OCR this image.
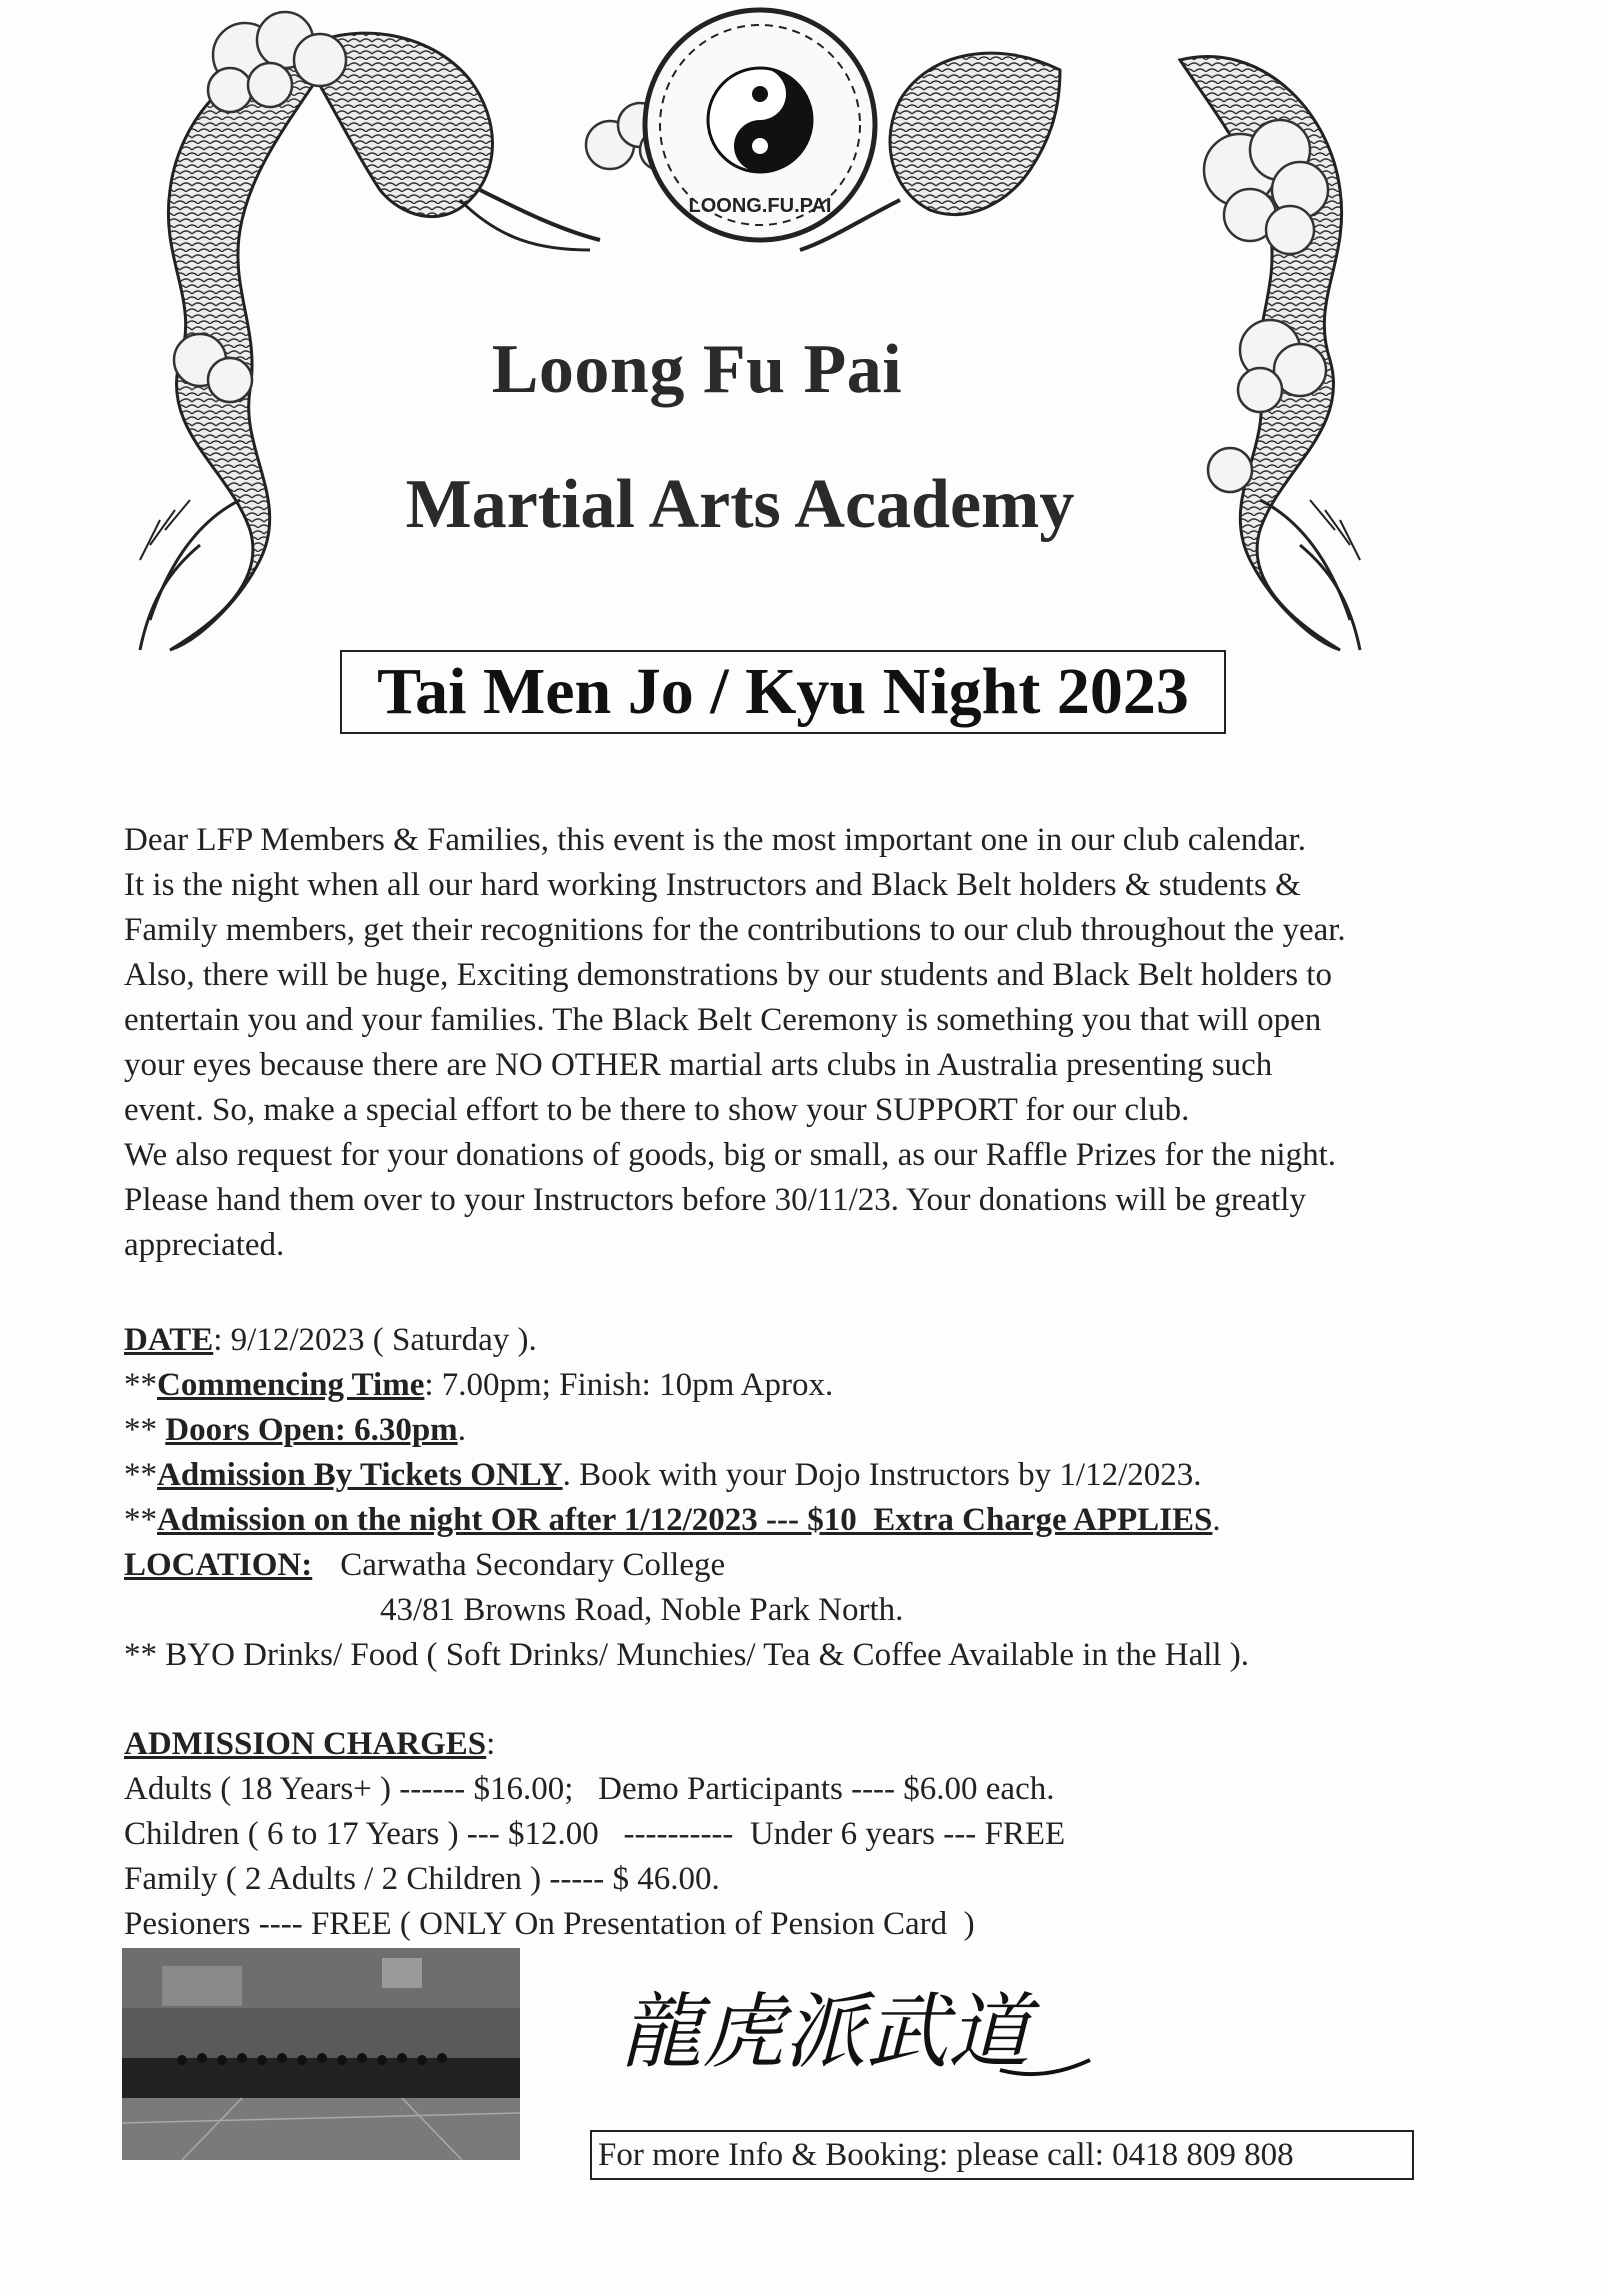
LOONG.FU.PAI
Loong Fu Pai
Martial Arts Academy
Tai Men Jo / Kyu Night 2023

Dear LFP Members & Families, this event is the most important one in our club calendar.

It is the night when all our hard working Instructors and Black Belt holders & students &

Family members, get their recognitions for the contributions to our club throughout the year.

Also, there will be huge, Exciting demonstrations by our students and Black Belt holders to

entertain you and your families. The Black Belt Ceremony is something you that will open

your eyes because there are NO OTHER martial arts clubs in Australia presenting such

event. So, make a special effort to be there to show your SUPPORT for our club.

We also request for your donations of goods, big or small, as our Raffle Prizes for the night.

Please hand them over to your Instructors before 30/11/23. Your donations will be greatly

appreciated.

DATE: 9/12/2023 ( Saturday ).

**Commencing Time: 7.00pm; Finish: 10pm Aprox.

** Doors Open: 6.30pm.

**Admission By Tickets ONLY. Book with your Dojo Instructors by 1/12/2023.

**Admission on the night OR after 1/12/2023 --- $10  Extra Charge APPLIES.

LOCATION: Carwatha Secondary College

43/81 Browns Road, Noble Park North.

** BYO Drinks/ Food ( Soft Drinks/ Munchies/ Tea & Coffee Available in the Hall ).

ADMISSION CHARGES:

Adults ( 18 Years+ ) ------ $16.00;   Demo Participants ---- $6.00 each.

Children ( 6 to 17 Years ) --- $12.00   ----------  Under 6 years --- FREE

Family ( 2 Adults / 2 Children ) ----- $ 46.00.

Pesioners ---- FREE ( ONLY On Presentation of Pension Card  )

龍虎派武道
For more Info & Booking: please call: 0418 809 808
